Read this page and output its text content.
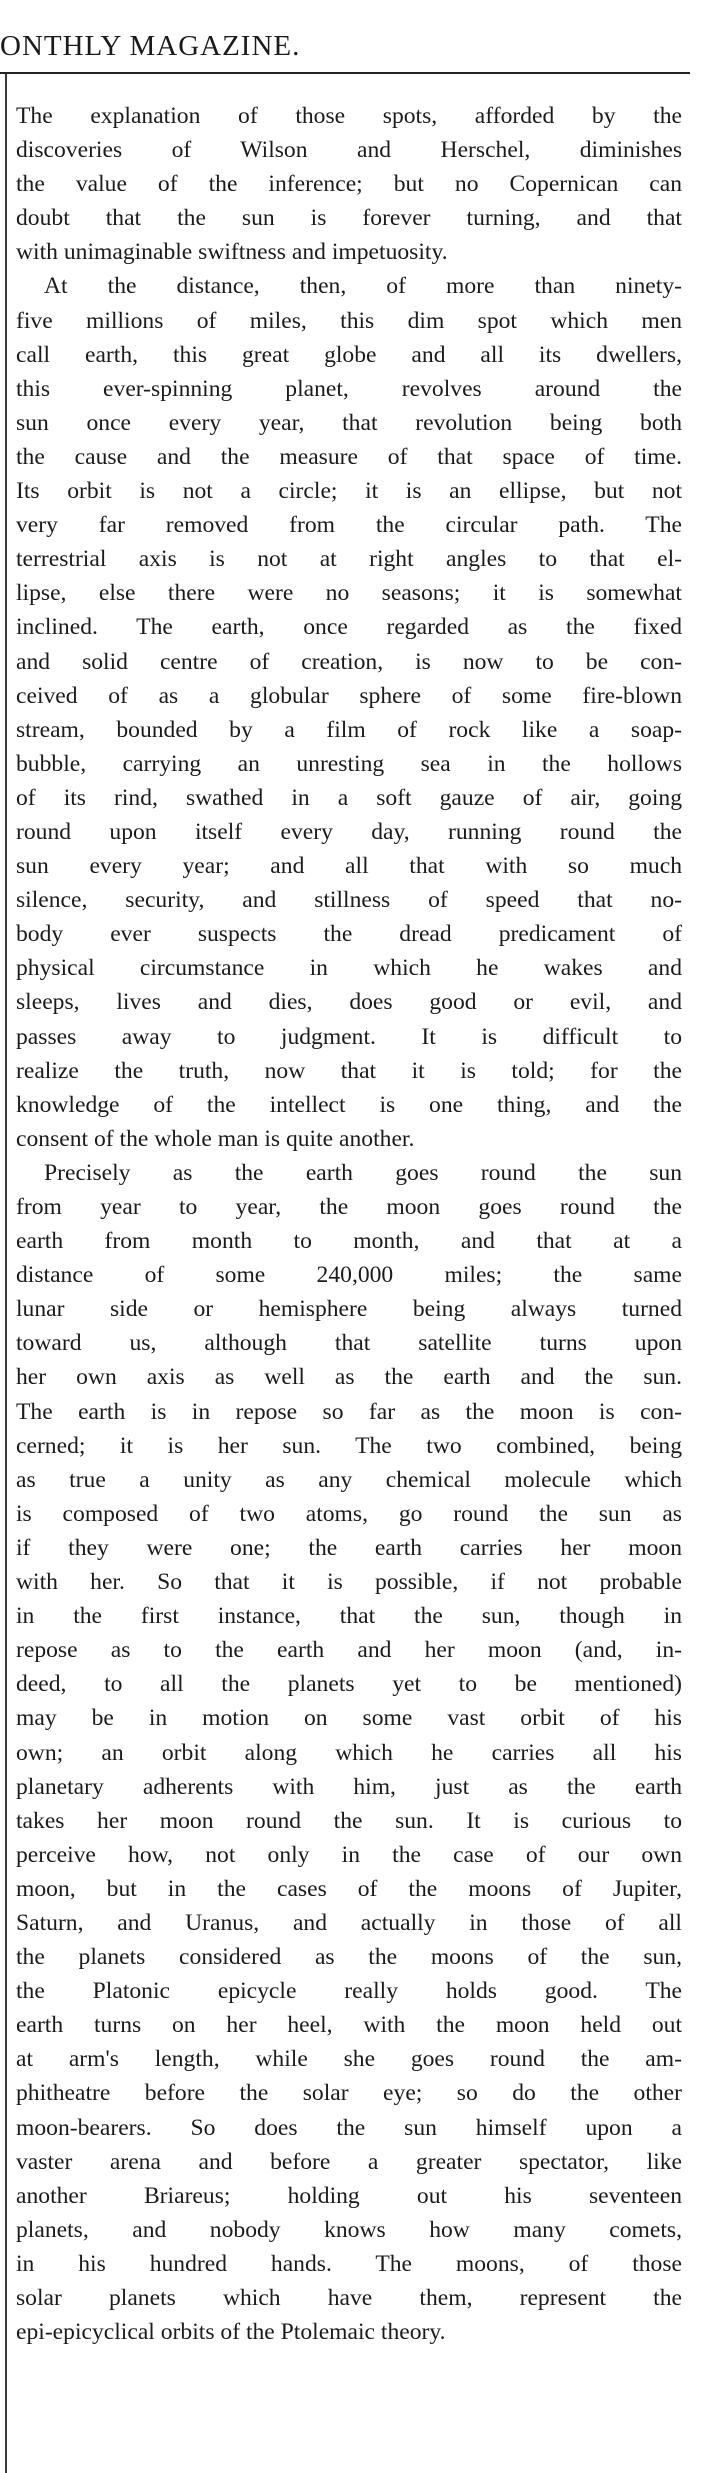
ONTHLY MAGAZINE.

The explanation of those spots, afforded by the
discoveries of Wilson and Herschel, diminishes
the value of the inference; but no Copernican can
doubt that the sun is forever turning, and that
with unimaginable swiftness and impetuosity.

At the distance, then, of more than ninety-
five millions of miles, this dim spot which men
call earth, this great globe and all its dwellers,
this ever-spinning planet, revolves around the
sun once every year, that revolution being both
the cause and the measure of that space of time.
Its orbit is not a circle; it is an ellipse, but not
very far removed from the circular path. The
terrestrial axis is not at right angles to that el-
lipse, else there were no seasons; it is somewhat
inclined. The earth, once regarded as the fixed
and solid centre of creation, is now to be con-
ceived of as a globular sphere of some fire-blown
stream, bounded by a film of rock like a soap-
bubble, carrying an unresting sea in the hollows
of its rind, swathed in a soft gauze of air, going
round upon itself every day, running round the
sun every year; and all that with so much
silence, security, and stillness of speed that no-
body ever suspects the dread predicament of
physical circumstance in which he wakes and
sleeps, lives and dies, does good or evil, and
passes away to judgment. It is difficult to
realize the truth, now that it is told; for the
knowledge of the intellect is one thing, and the
consent of the whole man is quite another.

Precisely as the earth goes round the sun
from year to year, the moon goes round the
earth from month to month, and that at a
distance of some 240,000 miles; the same
lunar side or hemisphere being always turned
toward us, although that satellite turns upon
her own axis as well as the earth and the sun.
The earth is in repose so far as the moon is con-
cerned; it is her sun. The two combined, being
as true a unity as any chemical molecule which
is composed of two atoms, go round the sun as
if they were one; the earth carries her moon
with her. So that it is possible, if not probable
in the first instance, that the sun, though in
repose as to the earth and her moon (and, in-
deed, to all the planets yet to be mentioned)
may be in motion on some vast orbit of his
own; an orbit along which he carries all his
planetary adherents with him, just as the earth
takes her moon round the sun. It is curious to
perceive how, not only in the case of our own
moon, but in the cases of the moons of Jupiter,
Saturn, and Uranus, and actually in those of all
the planets considered as the moons of the sun,
the Platonic epicycle really holds good. The
earth turns on her heel, with the moon held out
at arm's length, while she goes round the am-
phitheatre before the solar eye; so do the other
moon-bearers. So does the sun himself upon a
vaster arena and before a greater spectator, like
another Briareus; holding out his seventeen
planets, and nobody knows how many comets,
in his hundred hands. The moons, of those
solar planets which have them, represent the
epi-epicyclical orbits of the Ptolemaic theory.
